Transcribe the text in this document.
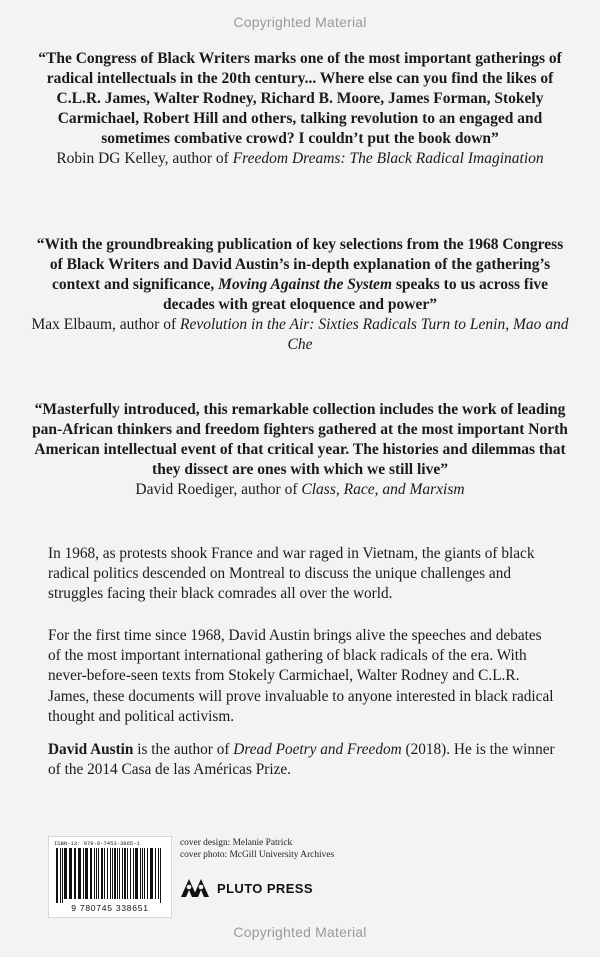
Copyrighted Material
“The Congress of Black Writers marks one of the most important gatherings of radical intellectuals in the 20th century... Where else can you find the likes of C.L.R. James, Walter Rodney, Richard B. Moore, James Forman, Stokely Carmichael, Robert Hill and others, talking revolution to an engaged and sometimes combative crowd? I couldn’t put the book down”
Robin DG Kelley, author of Freedom Dreams: The Black Radical Imagination
“With the groundbreaking publication of key selections from the 1968 Congress of Black Writers and David Austin’s in-depth explanation of the gathering’s context and significance, Moving Against the System speaks to us across five decades with great eloquence and power”
Max Elbaum, author of Revolution in the Air: Sixties Radicals Turn to Lenin, Mao and Che
“Masterfully introduced, this remarkable collection includes the work of leading pan-African thinkers and freedom fighters gathered at the most important North American intellectual event of that critical year. The histories and dilemmas that they dissect are ones with which we still live”
David Roediger, author of Class, Race, and Marxism
In 1968, as protests shook France and war raged in Vietnam, the giants of black radical politics descended on Montreal to discuss the unique challenges and struggles facing their black comrades all over the world.
For the first time since 1968, David Austin brings alive the speeches and debates of the most important international gathering of black radicals of the era. With never-before-seen texts from Stokely Carmichael, Walter Rodney and C.L.R. James, these documents will prove invaluable to anyone interested in black radical thought and political activism.
David Austin is the author of Dread Poetry and Freedom (2018). He is the winner of the 2014 Casa de las Américas Prize.
ISBN-13: 978-0-7453-3865-1
9 780745 338651
cover design: Melanie Patrick
cover photo: McGill University Archives
PLUTO PRESS
Copyrighted Material
